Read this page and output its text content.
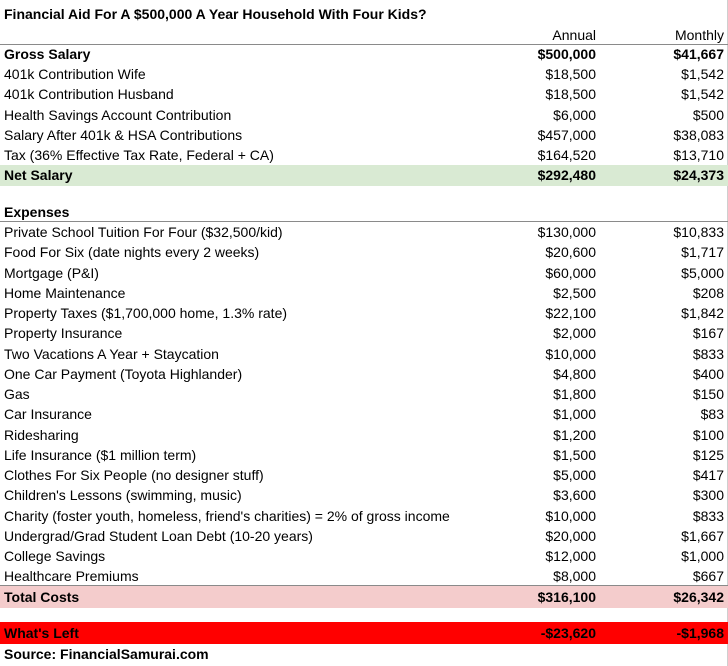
Financial Aid For A $500,000 A Year Household With Four Kids?
Annual	Monthly
Gross Salary	$500,000	$41,667
401k Contribution Wife	$18,500	$1,542
401k Contribution Husband	$18,500	$1,542
Health Savings Account Contribution	$6,000	$500
Salary After 401k & HSA Contributions	$457,000	$38,083
Tax (36% Effective Tax Rate, Federal + CA)	$164,520	$13,710
Net Salary	$292,480	$24,373
Expenses
Private School Tuition For Four ($32,500/kid)	$130,000	$10,833
Food For Six (date nights every 2 weeks)	$20,600	$1,717
Mortgage (P&I)	$60,000	$5,000
Home Maintenance	$2,500	$208
Property Taxes ($1,700,000 home, 1.3% rate)	$22,100	$1,842
Property Insurance	$2,000	$167
Two Vacations A Year + Staycation	$10,000	$833
One Car Payment (Toyota Highlander)	$4,800	$400
Gas	$1,800	$150
Car Insurance	$1,000	$83
Ridesharing	$1,200	$100
Life Insurance ($1 million term)	$1,500	$125
Clothes For Six People (no designer stuff)	$5,000	$417
Children's Lessons (swimming, music)	$3,600	$300
Charity (foster youth, homeless, friend's charities) = 2% of gross income	$10,000	$833
Undergrad/Grad Student Loan Debt (10-20 years)	$20,000	$1,667
College Savings	$12,000	$1,000
Healthcare Premiums	$8,000	$667
Total Costs	$316,100	$26,342
What's Left	-$23,620	-$1,968
Source: FinancialSamurai.com
